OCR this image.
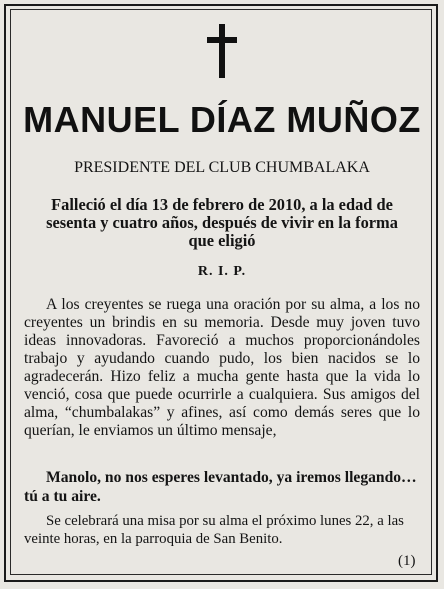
MANUEL DÍAZ MUÑOZ
PRESIDENTE DEL CLUB CHUMBALAKA
Falleció el día 13 de febrero de 2010, a la edad de
sesenta y cuatro años, después de vivir en la forma
que eligió
R. I. P.
A los creyentes se ruega una oración por su alma, a los no creyentes un brindis en su memoria. Desde muy joven tuvo ideas innovadoras. Favoreció a muchos proporcionándoles trabajo y ayudando cuando pudo, los bien nacidos se lo agradecerán. Hizo feliz a mucha gente hasta que la vida lo venció, cosa que puede ocurrirle a cualquiera. Sus amigos del alma, “chumbalakas” y afines, así como demás seres que lo querían, le enviamos un último mensaje,
Manolo, no nos esperes levantado, ya iremos llegando… tú a tu aire.
Se celebrará una misa por su alma el próximo lunes 22, a las veinte horas, en la parroquia de San Benito.
(1)
